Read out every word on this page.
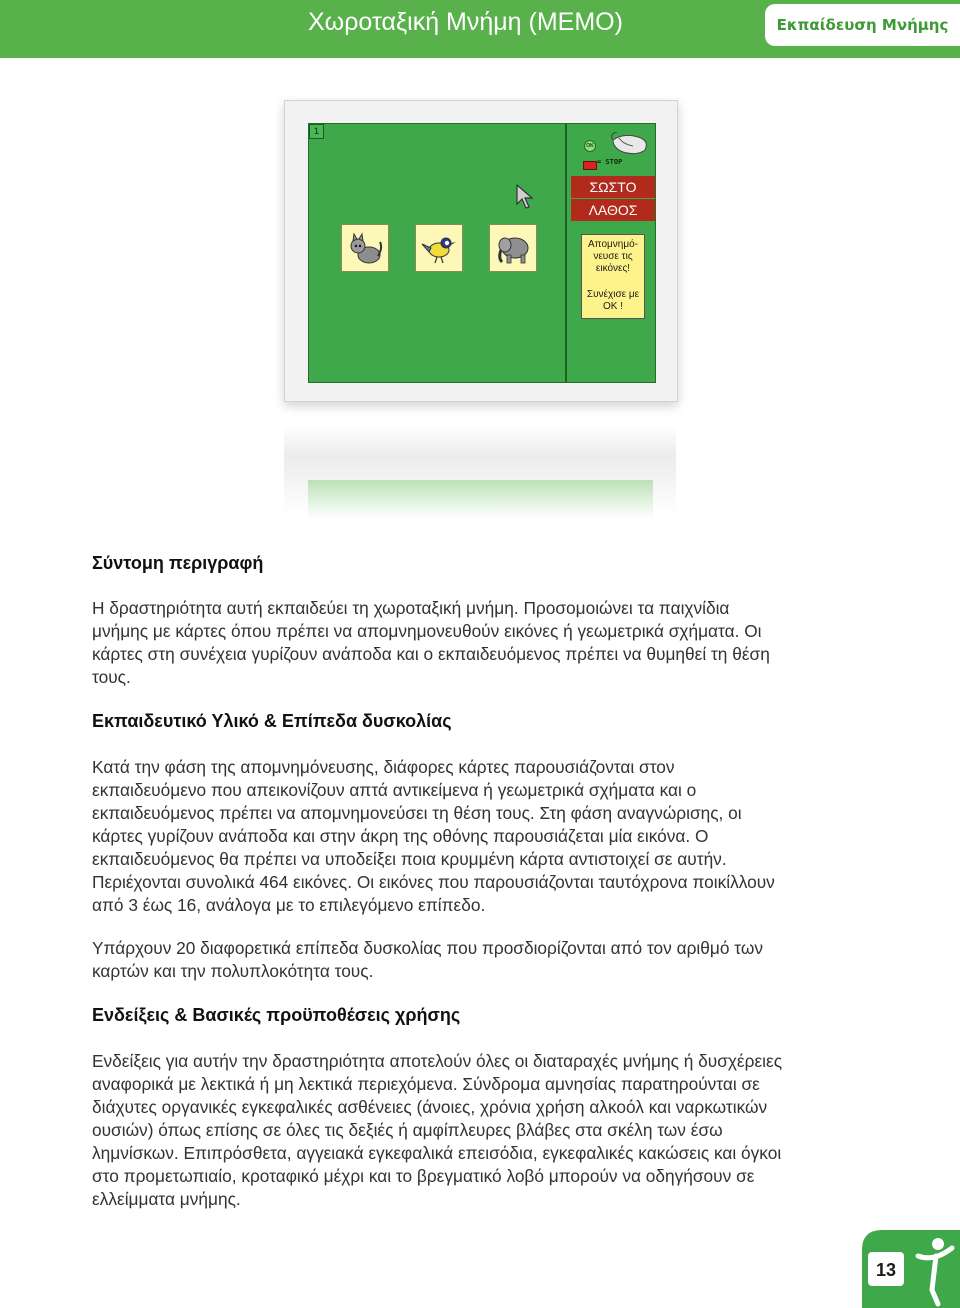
Χωροταξική Μνήμη (MEMO)	Εκπαίδευση Μνήμης
1
OK
= STOP
ΣΩΣΤΟ
ΛΑΘΟΣ
Απομνημό-
νευσε τις
εικόνες!
Συνέχισε με
ΟΚ !
Σύντομη περιγραφή
Η δραστηριότητα αυτή εκπαιδεύει τη χωροταξική μνήμη. Προσομοιώνει τα παιχνίδια
μνήμης με κάρτες όπου πρέπει να απομνημονευθούν εικόνες ή γεωμετρικά σχήματα. Οι
κάρτες στη συνέχεια γυρίζουν ανάποδα και ο εκπαιδευόμενος πρέπει να θυμηθεί τη θέση
τους.
Εκπαιδευτικό Υλικό & Επίπεδα δυσκολίας
Κατά την φάση της απομνημόνευσης, διάφορες κάρτες παρουσιάζονται στον
εκπαιδευόμενο που απεικονίζουν απτά αντικείμενα ή γεωμετρικά σχήματα και ο
εκπαιδευόμενος πρέπει να απομνημονεύσει τη θέση τους. Στη φάση αναγνώρισης, οι
κάρτες γυρίζουν ανάποδα και στην άκρη της οθόνης παρουσιάζεται μία εικόνα. Ο
εκπαιδευόμενος θα πρέπει να υποδείξει ποια κρυμμένη κάρτα αντιστοιχεί σε αυτήν.
Περιέχονται συνολικά 464 εικόνες. Οι εικόνες που παρουσιάζονται ταυτόχρονα ποικίλλουν
από 3 έως 16, ανάλογα με το επιλεγόμενο επίπεδο.
Υπάρχουν 20 διαφορετικά επίπεδα δυσκολίας που προσδιορίζονται από τον αριθμό των
καρτών και την πολυπλοκότητα τους.
Ενδείξεις & Βασικές προϋποθέσεις χρήσης
Ενδείξεις για αυτήν την δραστηριότητα αποτελούν όλες οι διαταραχές μνήμης ή δυσχέρειες
αναφορικά με λεκτικά ή μη λεκτικά περιεχόμενα. Σύνδρομα αμνησίας παρατηρούνται σε
διάχυτες οργανικές εγκεφαλικές ασθένειες (άνοιες, χρόνια χρήση αλκοόλ και ναρκωτικών
ουσιών) όπως επίσης σε όλες τις δεξιές ή αμφίπλευρες βλάβες στα σκέλη των έσω
λημνίσκων. Επιπρόσθετα, αγγειακά εγκεφαλικά επεισόδια, εγκεφαλικές κακώσεις και όγκοι
στο προμετωπιαίο, κροταφικό μέχρι και το βρεγματικό λοβό μπορούν να οδηγήσουν σε
ελλείμματα μνήμης.
13
